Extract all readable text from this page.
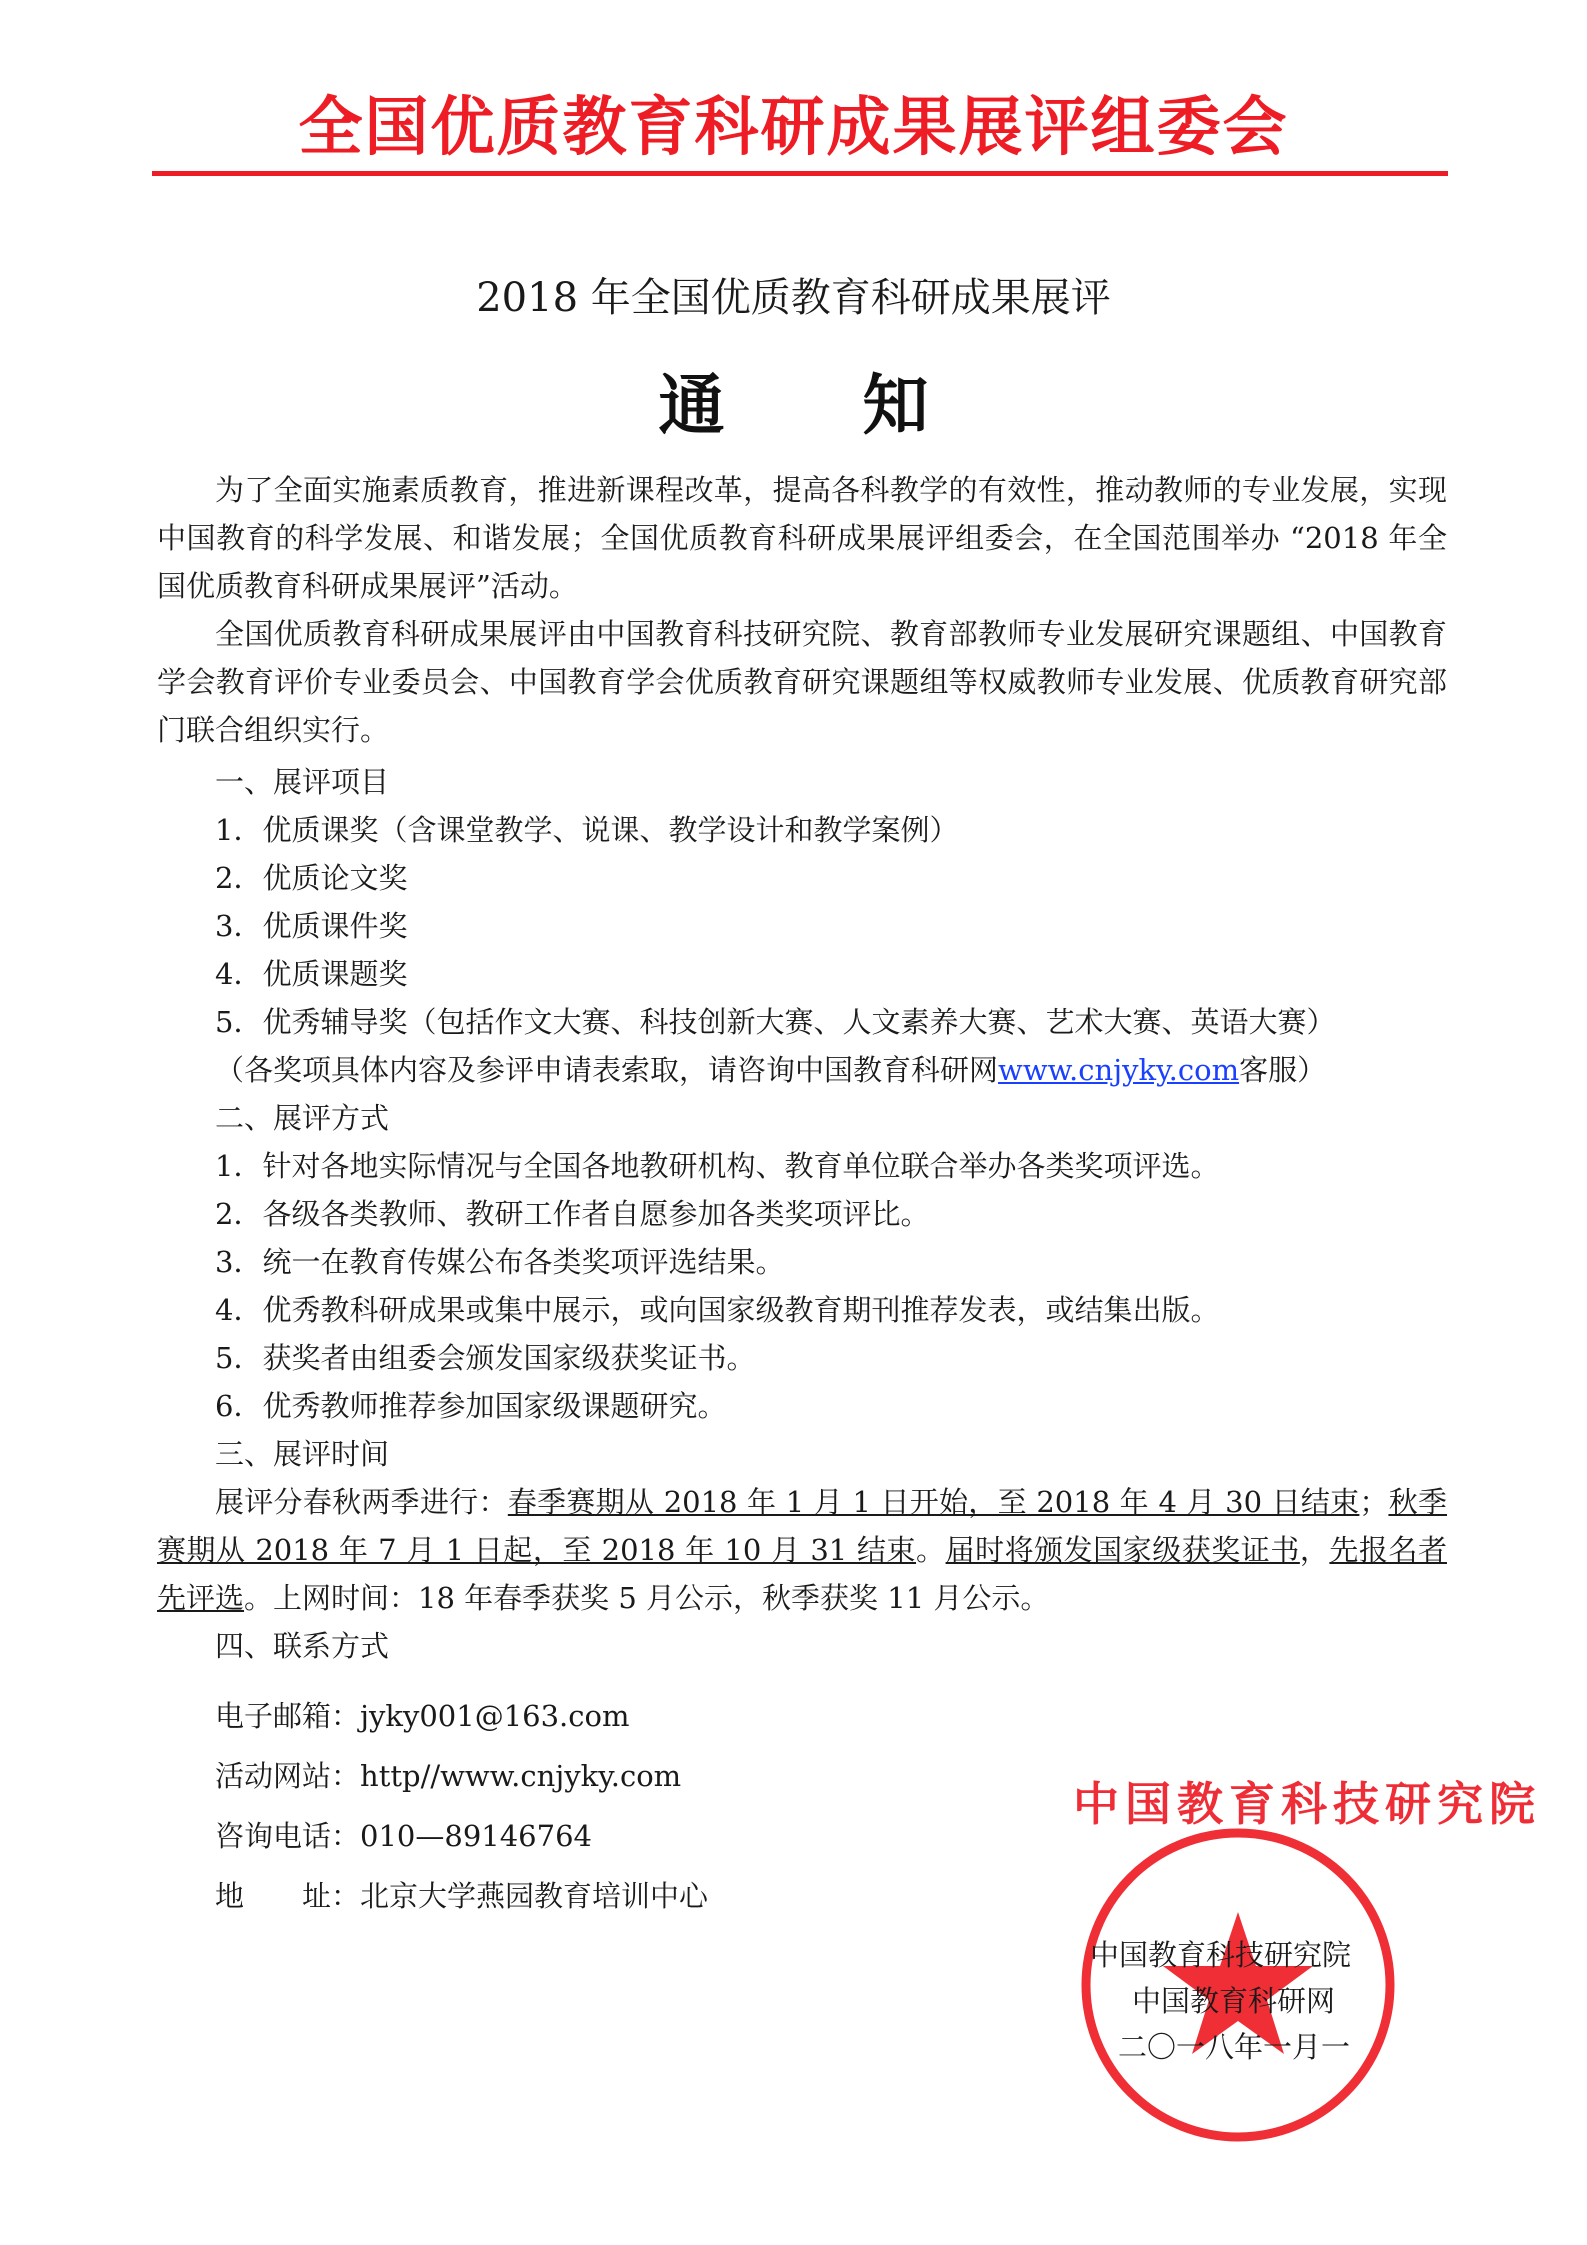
全国优质教育科研成果展评组委会
2018 年全国优质教育科研成果展评
通知
为了全面实施素质教育，推进新课程改革，提高各科教学的有效性，推动教师的专业发展，实现中国教育的科学发展、和谐发展；全国优质教育科研成果展评组委会，在全国范围举办 “2018 年全国优质教育科研成果展评”活动。
全国优质教育科研成果展评由中国教育科技研究院、教育部教师专业发展研究课题组、中国教育学会教育评价专业委员会、中国教育学会优质教育研究课题组等权威教师专业发展、优质教育研究部门联合组织实行。
一、展评项目
1．优质课奖（含课堂教学、说课、教学设计和教学案例）
2．优质论文奖
3．优质课件奖
4．优质课题奖
5．优秀辅导奖（包括作文大赛、科技创新大赛、人文素养大赛、艺术大赛、英语大赛）
（各奖项具体内容及参评申请表索取，请咨询中国教育科研网www.cnjyky.com客服）
二、展评方式
1．针对各地实际情况与全国各地教研机构、教育单位联合举办各类奖项评选。
2．各级各类教师、教研工作者自愿参加各类奖项评比。
3．统一在教育传媒公布各类奖项评选结果。
4．优秀教科研成果或集中展示，或向国家级教育期刊推荐发表，或结集出版。
5．获奖者由组委会颁发国家级获奖证书。
6．优秀教师推荐参加国家级课题研究。
三、展评时间
展评分春秋两季进行：春季赛期从 2018 年 1 月 1 日开始，至 2018 年 4 月 30 日结束；秋季赛期从 2018 年 7 月 1 日起，至 2018 年 10 月 31 结束。届时将颁发国家级获奖证书，先报名者先评选。上网时间：18 年春季获奖 5 月公示，秋季获奖 11 月公示。
四、联系方式
电子邮箱：jyky001@163.com
活动网站：http//www.cnjyky.com
咨询电话：010—89146764
地　　址：北京大学燕园教育培训中心
中国教育科技研究院
中国教育科技研究院
中国教育科研网
二〇一八年一月一
